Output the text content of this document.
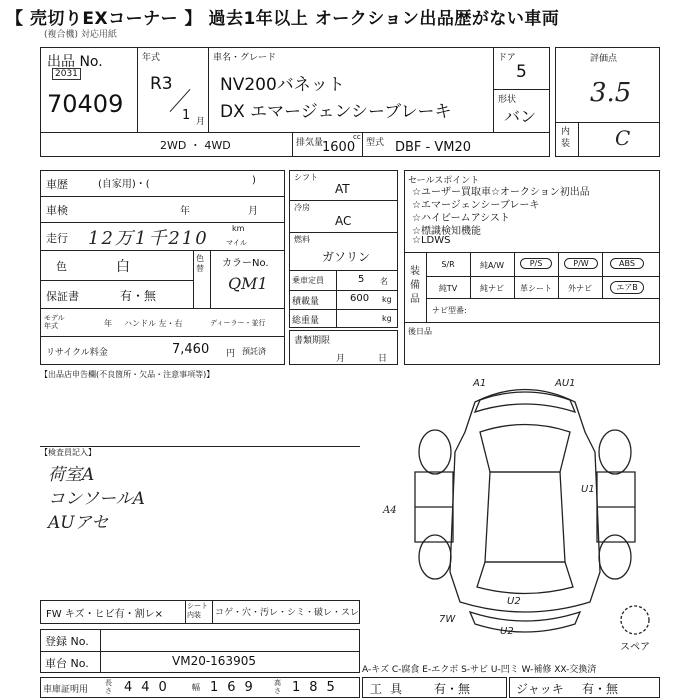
【 売切りEXコーナー 】 過去1年以上 オークション出品歴がない車両
(複合機) 対応用紙
出品 No.
2031
70409
年式
R3
1 月
車名・グレード
NV200バネット
DX エマージェンシーブレーキ
ドア
5
形状
バン
2WD ・ 4WD	排気量
cc
1600 型式 DBF - VM20
評価点
3.5
内装 C
車歴	(自家用)・(	)
車検	年	月
走行 12万1千210	km
マイル
色	白
色替	カラーNo.
QM1
保証書	有・無
モデル年式	年 ハンドル 左・右	ディーラー・並行
リサイクル料金	7,460 円 預託済
シフト
AT
冷房
AC
燃料
ガソリン
乗車定員	5 名
積載量	600 kg
総重量	kg
書類期限
月	日
セールスポイント
☆ユーザー買取車☆オークション初出品
☆エマージェンシーブレーキ
☆ハイビームアシスト
☆標識検知機能
☆LDWS
装備品
S/R	純A/W	P/S	P/W	ABS
純TV	純ナビ	革シート	外ナビ	エアB
ナビ型番:
後日品
【出品店申告欄(不良箇所・欠品・注意事項等)】
【検査員記入】
荷室A
コンソールA
AUアセ
A1	AU1
U1
U2
U2
7W
A4
スペア
FW キズ・ヒビ有・割レ×
シート内装	コゲ・穴・汚レ・シミ・破レ・スレ
登録 No.
車台 No.	VM20-163905
A-キズ C-腐食 E-エクボ S-サビ U-凹ミ W-補修 XX-交換済
車庫証明用
長さ 440 幅 169 高さ 185 工具 有・無	ジャッキ 有・無
